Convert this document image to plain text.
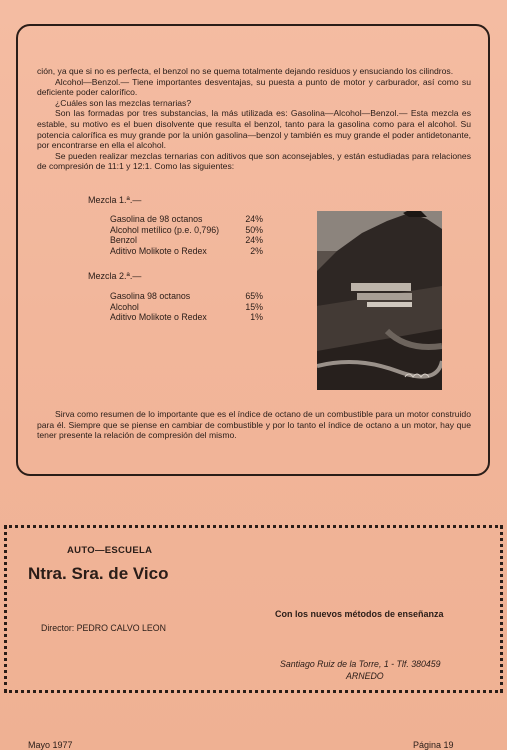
ción, ya que si no es perfecta, el benzol no se quema totalmente dejando residuos y ensuciando los cilindros.

Alcohol—Benzol.— Tiene importantes desventajas, su puesta a punto de motor y carburador, así como su deficiente poder calorífico.

¿Cuáles son las mezclas ternarias?

Son las formadas por tres substancias, la más utilizada es: Gasolina—Alcohol—Benzol.— Esta mezcla es estable, su motivo es el buen disolvente que resulta el benzol, tanto para la gasolina como para el alcohol. Su potencia calorífica es muy grande por la unión gasolina—benzol y también es muy grande el poder antidetonante, por encontrarse en ella el alcohol.

Se pueden realizar mezclas ternarias con aditivos que son aconsejables, y están estudiadas para relaciones de compresión de 11:1 y 12:1. Como las siguientes:

Mezcla 1.ª.—
Gasolina de 98 octanos	24%
Alcohol metílico (p.e. 0,796)	50%
Benzol	24%
Aditivo Molikote o Redex	2%
Mezcla 2.ª.—
Gasolina 98 octanos	65%
Alcohol	15%
Aditivo Molikote o Redex	1%

Sirva como resumen de lo importante que es el índice de octano de un combustible para un motor construido para él. Siempre que se piense en cambiar de combustible y por lo tanto el índice de octano a un motor, hay que tener presente la relación de compresión del mismo.

AUTO—ESCUELA
Ntra. Sra. de Vico
Con los nuevos métodos de enseñanza
Director: PEDRO CALVO LEON
Santiago Ruiz de la Torre, 1 - Tlf. 380459
ARNEDO
Mayo 1977	Página 19
